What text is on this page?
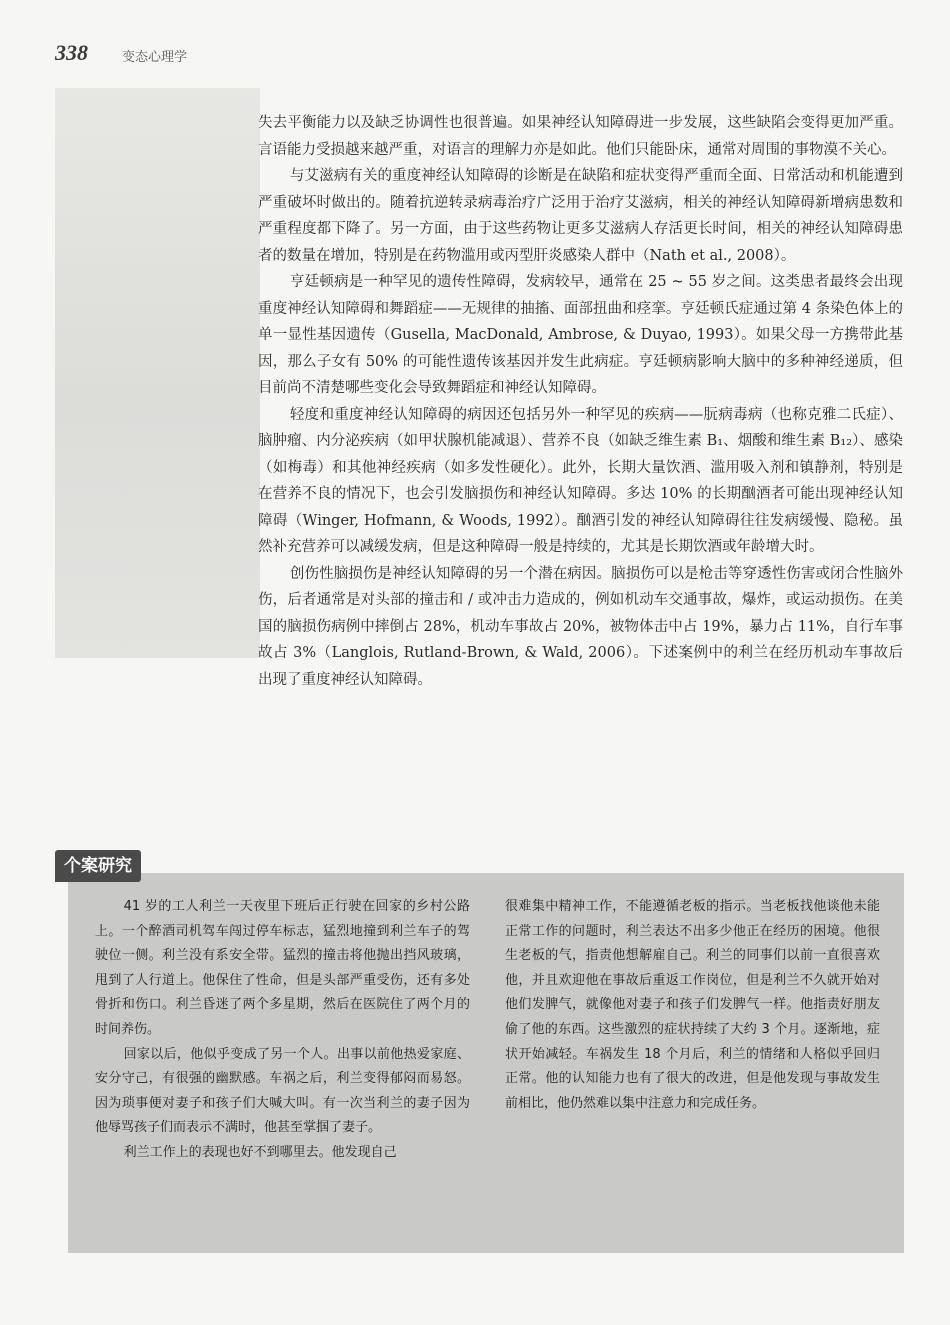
338	变态心理学

失去平衡能力以及缺乏协调性也很普遍。如果神经认知障碍进一步发展，这些缺陷会变得更加严重。言语能力受损越来越严重，对语言的理解力亦是如此。他们只能卧床，通常对周围的事物漠不关心。

与艾滋病有关的重度神经认知障碍的诊断是在缺陷和症状变得严重而全面、日常活动和机能遭到严重破坏时做出的。随着抗逆转录病毒治疗广泛用于治疗艾滋病，相关的神经认知障碍新增病患数和严重程度都下降了。另一方面，由于这些药物让更多艾滋病人存活更长时间，相关的神经认知障碍患者的数量在增加，特别是在药物滥用或丙型肝炎感染人群中（Nath et al., 2008）。

亨廷顿病是一种罕见的遗传性障碍，发病较早，通常在 25 ~ 55 岁之间。这类患者最终会出现重度神经认知障碍和舞蹈症——无规律的抽搐、面部扭曲和痉挛。亨廷顿氏症通过第 4 条染色体上的单一显性基因遗传（Gusella, MacDonald, Ambrose, & Duyao, 1993）。如果父母一方携带此基因，那么子女有 50% 的可能性遗传该基因并发生此病症。亨廷顿病影响大脑中的多种神经递质，但目前尚不清楚哪些变化会导致舞蹈症和神经认知障碍。

轻度和重度神经认知障碍的病因还包括另外一种罕见的疾病——朊病毒病（也称克雅二氏症）、脑肿瘤、内分泌疾病（如甲状腺机能减退）、营养不良（如缺乏维生素 B₁、烟酸和维生素 B₁₂）、感染（如梅毒）和其他神经疾病（如多发性硬化）。此外，长期大量饮酒、滥用吸入剂和镇静剂，特别是在营养不良的情况下，也会引发脑损伤和神经认知障碍。多达 10% 的长期酗酒者可能出现神经认知障碍（Winger, Hofmann, & Woods, 1992）。酗酒引发的神经认知障碍往往发病缓慢、隐秘。虽然补充营养可以减缓发病，但是这种障碍一般是持续的，尤其是长期饮酒或年龄增大时。

创伤性脑损伤是神经认知障碍的另一个潜在病因。脑损伤可以是枪击等穿透性伤害或闭合性脑外伤，后者通常是对头部的撞击和 / 或冲击力造成的，例如机动车交通事故，爆炸，或运动损伤。在美国的脑损伤病例中摔倒占 28%，机动车事故占 20%，被物体击中占 19%，暴力占 11%，自行车事故占 3%（Langlois, Rutland-Brown, & Wald, 2006）。下述案例中的利兰在经历机动车事故后出现了重度神经认知障碍。

个案研究

41 岁的工人利兰一天夜里下班后正行驶在回家的乡村公路上。一个醉酒司机驾车闯过停车标志，猛烈地撞到利兰车子的驾驶位一侧。利兰没有系安全带。猛烈的撞击将他抛出挡风玻璃，甩到了人行道上。他保住了性命，但是头部严重受伤，还有多处骨折和伤口。利兰昏迷了两个多星期，然后在医院住了两个月的时间养伤。

回家以后，他似乎变成了另一个人。出事以前他热爱家庭、安分守己，有很强的幽默感。车祸之后，利兰变得郁闷而易怒。因为琐事便对妻子和孩子们大喊大叫。有一次当利兰的妻子因为他辱骂孩子们而表示不满时，他甚至掌掴了妻子。

利兰工作上的表现也好不到哪里去。他发现自己

很难集中精神工作，不能遵循老板的指示。当老板找他谈他未能正常工作的问题时，利兰表达不出多少他正在经历的困境。他很生老板的气，指责他想解雇自己。利兰的同事们以前一直很喜欢他，并且欢迎他在事故后重返工作岗位，但是利兰不久就开始对他们发脾气，就像他对妻子和孩子们发脾气一样。他指责好朋友偷了他的东西。这些激烈的症状持续了大约 3 个月。逐渐地，症状开始减轻。车祸发生 18 个月后，利兰的情绪和人格似乎回归正常。他的认知能力也有了很大的改进，但是他发现与事故发生前相比，他仍然难以集中注意力和完成任务。
